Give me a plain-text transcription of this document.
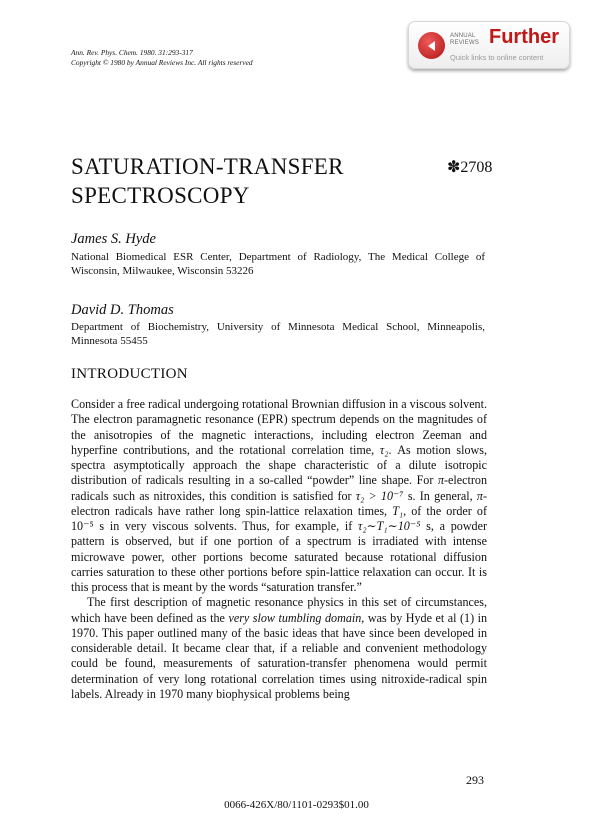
Ann. Rev. Phys. Chem. 1980. 31:293-317
Copyright © 1980 by Annual Reviews Inc. All rights reserved
ANNUAL
REVIEWS Further
Quick links to online content
SATURATION-TRANSFER
SPECTROSCOPY
✽2708
James S. Hyde
National Biomedical ESR Center, Department of Radiology, The Medical College of Wisconsin, Milwaukee, Wisconsin 53226
David D. Thomas
Department of Biochemistry, University of Minnesota Medical School, Minneapolis, Minnesota 55455
INTRODUCTION

Consider a free radical undergoing rotational Brownian diffusion in a viscous solvent. The electron paramagnetic resonance (EPR) spectrum depends on the magnitudes of the anisotropies of the magnetic interactions, including electron Zeeman and hyperfine contributions, and the rotational correlation time, τ₂. As motion slows, spectra asymptotically approach the shape characteristic of a dilute isotropic distribution of radicals resulting in a so-called “powder” line shape. For π-electron radicals such as nitroxides, this condition is satisfied for τ₂ > 10⁻⁷ s. In general, π-electron radicals have rather long spin-lattice relaxation times, T₁, of the order of 10⁻⁵ s in very viscous solvents. Thus, for example, if τ₂∼T₁∼10⁻⁵ s, a powder pattern is observed, but if one portion of a spectrum is irradiated with intense microwave power, other portions become saturated because rotational diffusion carries saturation to these other portions before spin-lattice relaxation can occur. It is this process that is meant by the words “saturation transfer.”

The first description of magnetic resonance physics in this set of circumstances, which have been defined as the very slow tumbling domain, was by Hyde et al (1) in 1970. This paper outlined many of the basic ideas that have since been developed in considerable detail. It became clear that, if a reliable and convenient methodology could be found, measurements of saturation-transfer phenomena would permit determination of very long rotational correlation times using nitroxide-radical spin labels. Already in 1970 many biophysical problems being

293
0066-426X/80/1101-0293$01.00
